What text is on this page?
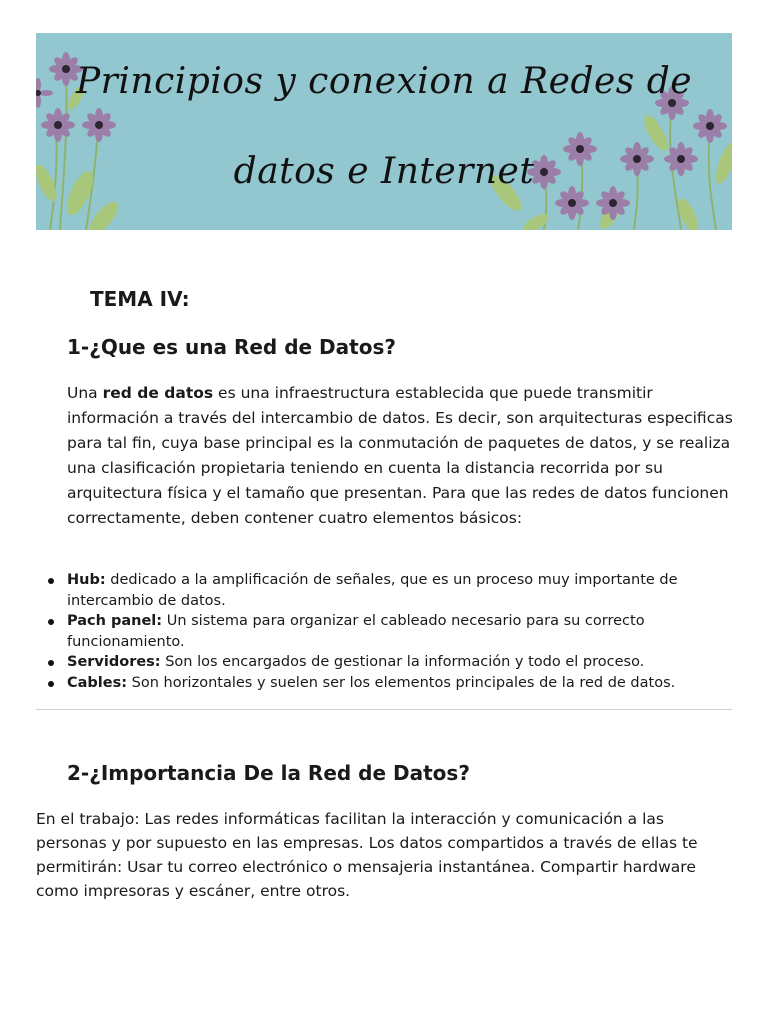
Principios y conexion a Redes de
datos e Internet
TEMA IV:
1-¿Que es una Red de Datos?
Una red de datos es una infraestructura establecida que puede transmitir información a través del intercambio de datos. Es decir, son arquitecturas especificas para tal fin, cuya base principal es la conmutación de paquetes de datos, y se realiza una clasificación propietaria teniendo en cuenta la distancia recorrida por su arquitectura física y el tamaño que presentan. Para que las redes de datos funcionen correctamente, deben contener cuatro elementos básicos:
Hub: dedicado a la amplificación de señales, que es un proceso muy importante de intercambio de datos.
Pach panel: Un sistema para organizar el cableado necesario para su correcto funcionamiento.
Servidores: Son los encargados de gestionar la información y todo el proceso.
Cables: Son horizontales y suelen ser los elementos principales de la red de datos.
2-¿Importancia De la Red de Datos?
En el trabajo: Las redes informáticas facilitan la interacción y comunicación a las personas y por supuesto en las empresas. Los datos compartidos a través de ellas te permitirán: Usar tu correo electrónico o mensajeria instantánea. Compartir hardware como impresoras y escáner, entre otros.
